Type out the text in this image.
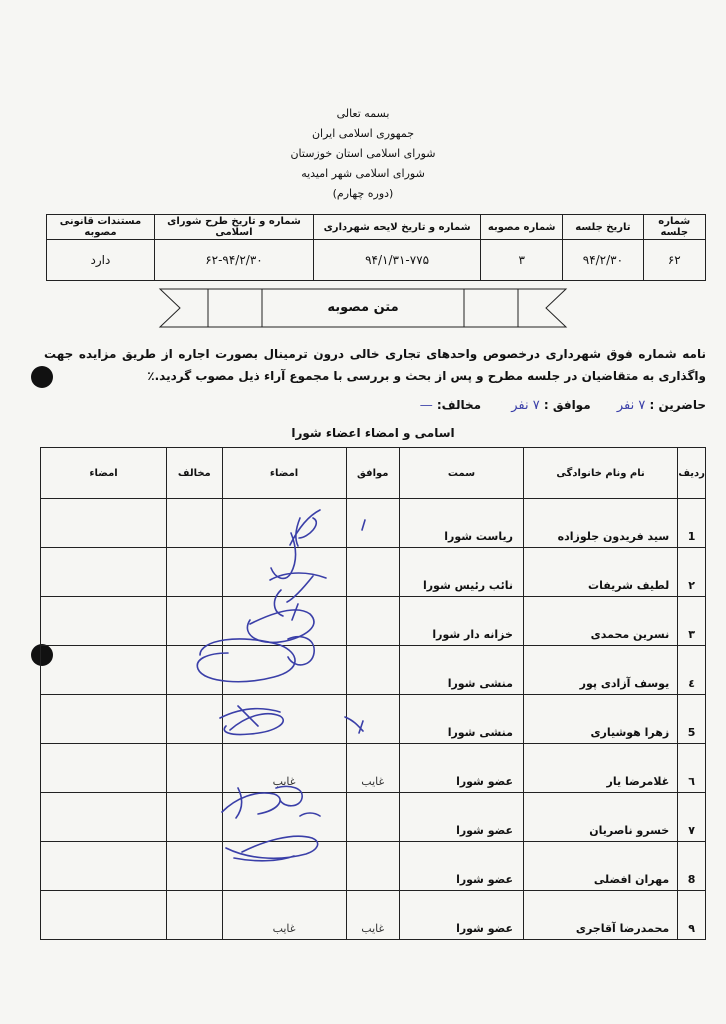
بسمه تعالی
جمهوری اسلامی ایران
شورای اسلامی استان خوزستان
شورای اسلامی شهر امیدیه
(دوره چهارم)
شماره جلسه	تاریخ جلسه	شماره مصوبه	شماره و تاریخ لایحه شهرداری	شماره و تاریخ طرح شورای اسلامی	مستندات قانونی مصوبه
۶۲	۹۴/۲/۳۰	۳	۹۴/۱/۳۱-۷۷۵	۶۲-۹۴/۲/۳۰	دارد
متن مصوبه
نامه شماره فوق شهرداری درخصوص واحدهای تجاری خالی درون ترمینال بصورت اجاره از طریق مزایده جهت واگذاری به متقاضیان در جلسه مطرح و پس از بحث و بررسی با مجموع آراء ذیل مصوب گردید.٪
حاضرین : ۷ نفر موافق : ۷ نفر مخالف: —
اسامی و امضاء اعضاء شورا
ردیف	نام ونام خانوادگی	سمت	موافق	امضاء	مخالف	امضاء
1	سید فریدون جلوزاده	ریاست شورا				
۲	لطیف شریفات	نائب رئیس شورا				
۳	نسرین محمدی	خزانه دار شورا				
٤	یوسف آزادی پور	منشی شورا				
5	زهرا هوشیاری	منشی شورا				
٦	غلامرضا یار	عضو شورا	غایب	غایب		
٧	خسرو ناصریان	عضو شورا				
8	مهران افضلی	عضو شورا				
٩	محمدرضا آقاجری	عضو شورا	غایب	غایب		
